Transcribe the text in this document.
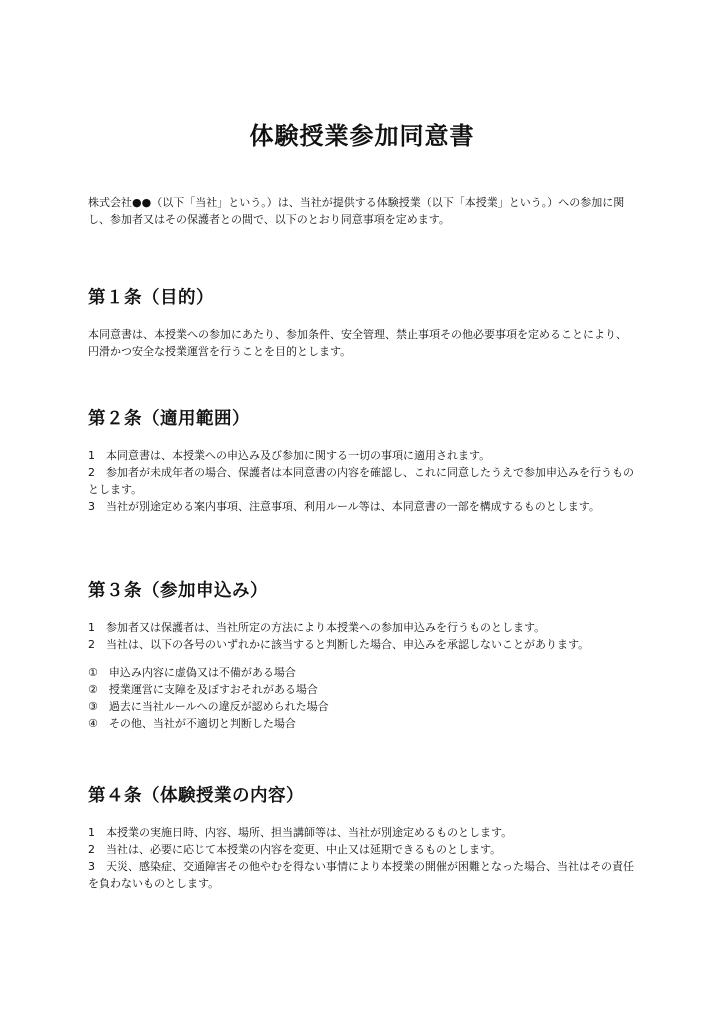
体験授業参加同意書

株式会社●●（以下「当社」という。）は、当社が提供する体験授業（以下「本授業」という。）への参加に関し、参加者又はその保護者との間で、以下のとおり同意事項を定めます。

第１条（目的）

本同意書は、本授業への参加にあたり、参加条件、安全管理、禁止事項その他必要事項を定めることにより、円滑かつ安全な授業運営を行うことを目的とします。

第２条（適用範囲）

1　本同意書は、本授業への申込み及び参加に関する一切の事項に適用されます。

2　参加者が未成年者の場合、保護者は本同意書の内容を確認し、これに同意したうえで参加申込みを行うものとします。

3　当社が別途定める案内事項、注意事項、利用ルール等は、本同意書の一部を構成するものとします。

第３条（参加申込み）

1　参加者又は保護者は、当社所定の方法により本授業への参加申込みを行うものとします。

2　当社は、以下の各号のいずれかに該当すると判断した場合、申込みを承認しないことがあります。

①　申込み内容に虚偽又は不備がある場合

②　授業運営に支障を及ぼすおそれがある場合

③　過去に当社ルールへの違反が認められた場合

④　その他、当社が不適切と判断した場合

第４条（体験授業の内容）

1　本授業の実施日時、内容、場所、担当講師等は、当社が別途定めるものとします。

2　当社は、必要に応じて本授業の内容を変更、中止又は延期できるものとします。

3　天災、感染症、交通障害その他やむを得ない事情により本授業の開催が困難となった場合、当社はその責任を負わないものとします。
